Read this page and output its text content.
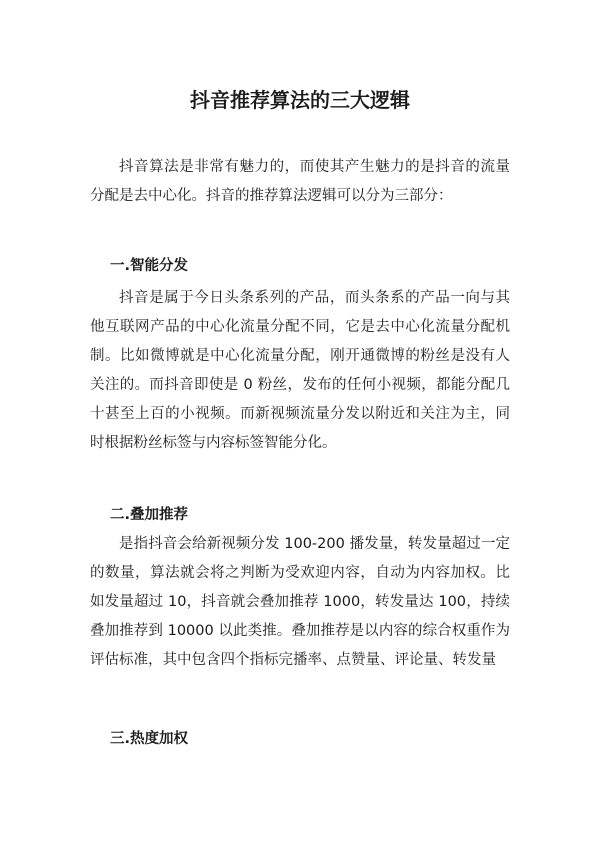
抖音推荐算法的三大逻辑

抖音算法是非常有魅力的，而使其产生魅力的是抖音的流量分配是去中心化。抖音的推荐算法逻辑可以分为三部分：

一.智能分发

抖音是属于今日头条系列的产品，而头条系的产品一向与其他互联网产品的中心化流量分配不同，它是去中心化流量分配机制。比如微博就是中心化流量分配，刚开通微博的粉丝是没有人关注的。而抖音即使是 0 粉丝，发布的任何小视频，都能分配几十甚至上百的小视频。而新视频流量分发以附近和关注为主，同时根据粉丝标签与内容标签智能分化。

二.叠加推荐

是指抖音会给新视频分发 100-200 播发量，转发量超过一定的数量，算法就会将之判断为受欢迎内容，自动为内容加权。比如发量超过 10，抖音就会叠加推荐 1000，转发量达 100，持续叠加推荐到 10000 以此类推。叠加推荐是以内容的综合权重作为评估标准，其中包含四个指标完播率、点赞量、评论量、转发量

三.热度加权
